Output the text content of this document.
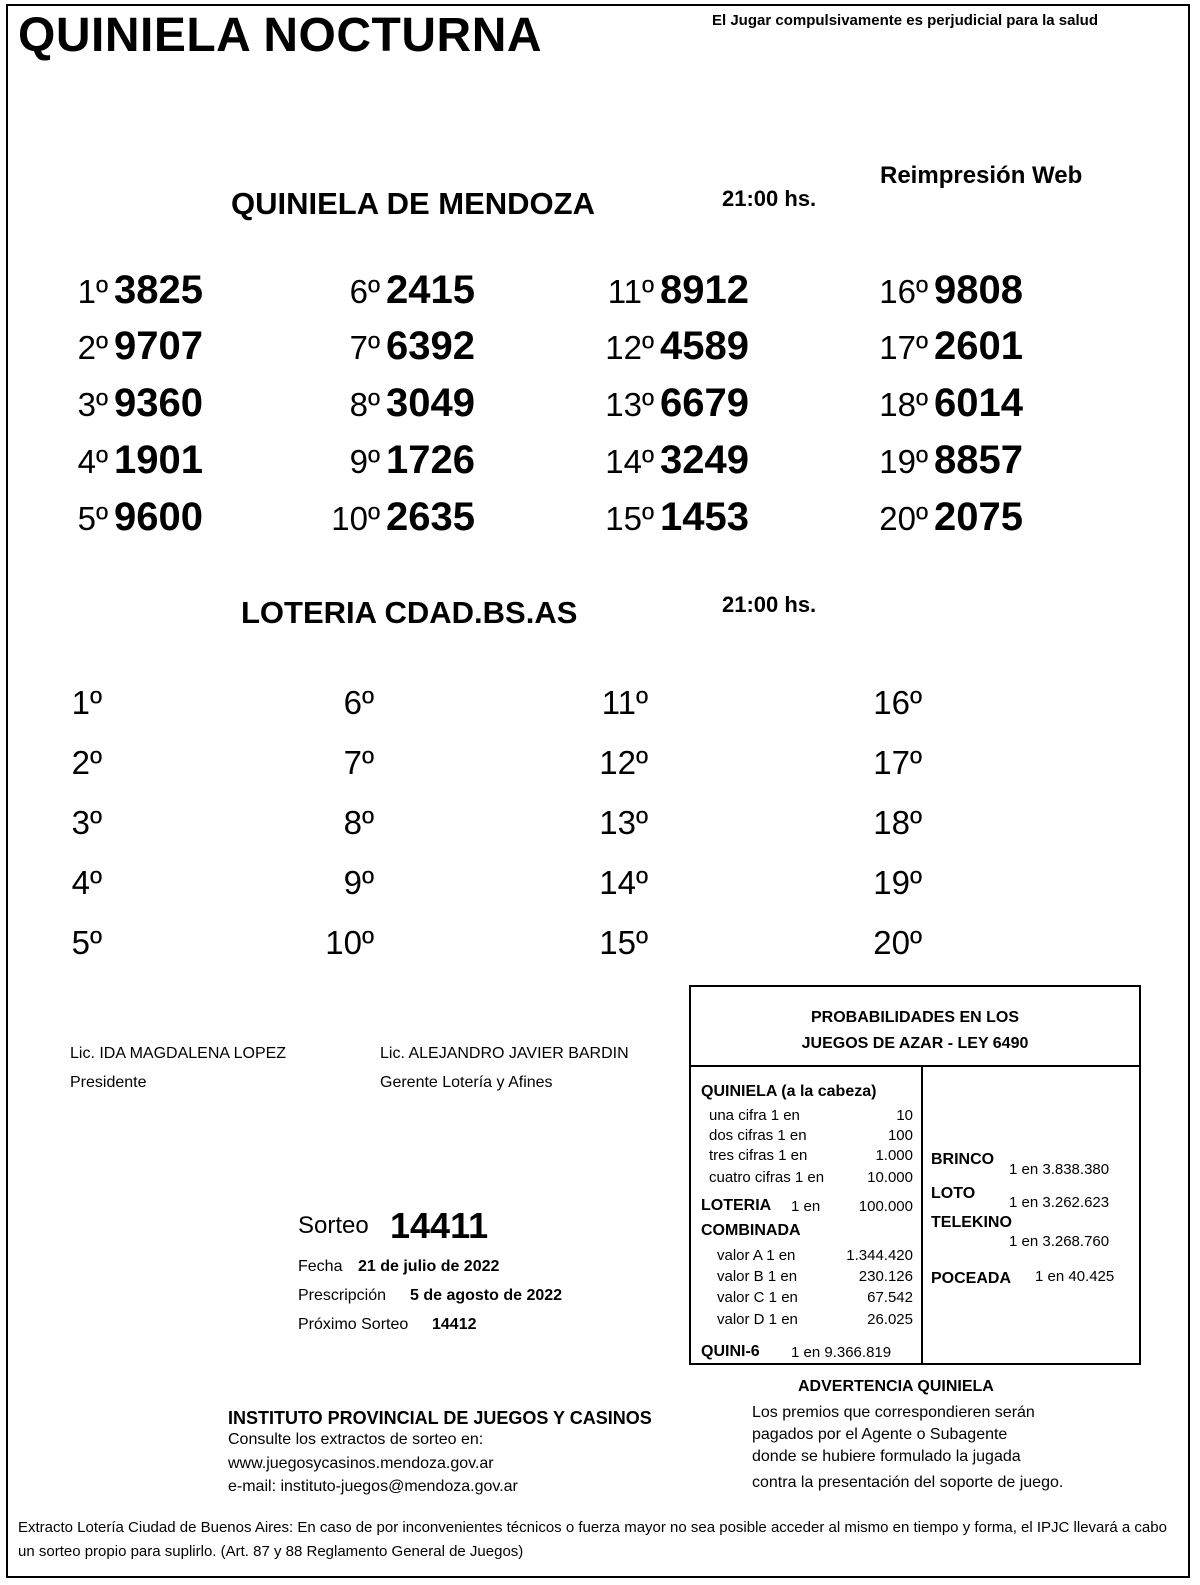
QUINIELA NOCTURNA	El Jugar compulsivamente es perjudicial para la salud
Reimpresión Web
QUINIELA DE MENDOZA	21:00 hs.
1º 3825
2º 9707
3º 9360
4º 1901
5º 9600
6º 2415
7º 6392
8º 3049
9º 1726
10º 2635
11º 8912
12º 4589
13º 6679
14º 3249
15º 1453
16º 9808
17º 2601
18º 6014
19º 8857
20º 2075
LOTERIA CDAD.BS.AS	21:00 hs.
1º
2º
3º
4º
5º
6º
7º
8º
9º
10º
11º
12º
13º
14º
15º
16º
17º
18º
19º
20º
Lic. IDA MAGDALENA LOPEZ
Presidente
Lic. ALEJANDRO JAVIER BARDIN
Gerente Lotería y Afines
PROBABILIDADES EN LOS
JUEGOS DE AZAR - LEY 6490
QUINIELA (a la cabeza)
una cifra 1 en	10
dos cifras 1 en	100
tres cifras 1 en	1.000
cuatro cifras 1 en	10.000
LOTERIA 1 en	100.000
COMBINADA
valor A 1 en	1.344.420
valor B 1 en	230.126
valor C 1 en	67.542
valor D 1 en	26.025
QUINI-6 1 en 9.366.819
BRINCO
1 en 3.838.380
LOTO
1 en 3.262.623
TELEKINO
1 en 3.268.760
POCEADA 1 en 40.425
Sorteo 14411
Fecha 21 de julio de 2022
Prescripción 5 de agosto de 2022
Próximo Sorteo 14412
INSTITUTO PROVINCIAL DE JUEGOS Y CASINOS
Consulte los extractos de sorteo en:
www.juegosycasinos.mendoza.gov.ar
e-mail: instituto-juegos@mendoza.gov.ar
ADVERTENCIA QUINIELA
Los premios que correspondieren serán
pagados por el Agente o Subagente
donde se hubiere formulado la jugada
contra la presentación del soporte de juego.
Extracto Lotería Ciudad de Buenos Aires: En caso de por inconvenientes técnicos o fuerza mayor no sea posible acceder al mismo en tiempo y forma, el IPJC llevará a cabo un sorteo propio para suplirlo. (Art. 87 y 88 Reglamento General de Juegos)
